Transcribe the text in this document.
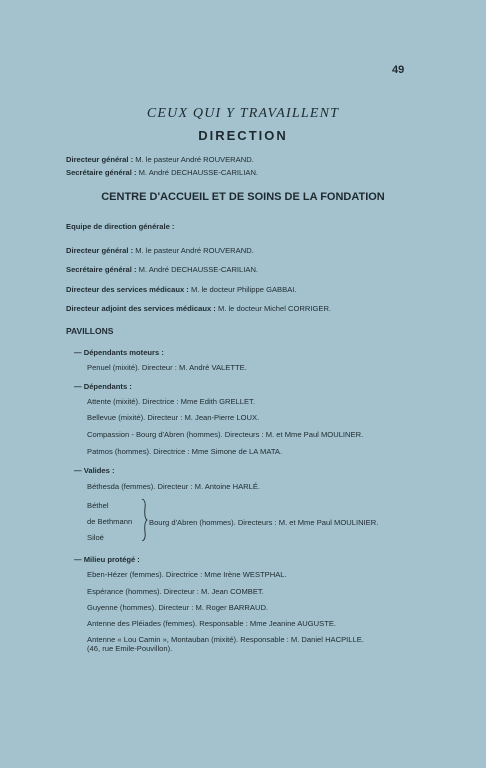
49
CEUX QUI Y TRAVAILLENT
DIRECTION
Directeur général : M. le pasteur André ROUVERAND.
Secrétaire général : M. André DECHAUSSE-CARILIAN.
CENTRE D'ACCUEIL ET DE SOINS DE LA FONDATION
Equipe de direction générale :
Directeur général : M. le pasteur André ROUVERAND.
Secrétaire général : M. André DECHAUSSE-CARILIAN.
Directeur des services médicaux : M. le docteur Philippe GABBAI.
Directeur adjoint des services médicaux : M. le docteur Michel CORRIGER.
PAVILLONS
— Dépendants moteurs :
Penuel (mixité). Directeur : M. André VALETTE.
— Dépendants :
Attente (mixité). Directrice : Mme Edith GRELLET.
Bellevue (mixité). Directeur : M. Jean-Pierre LOUX.
Compassion - Bourg d'Abren (hommes). Directeurs : M. et Mme Paul MOULINER.
Patmos (hommes). Directrice : Mme Simone de LA MATA.
— Valides :
Béthesda (femmes). Directeur : M. Antoine HARLÉ.
Béthel
de Bethmann
Siloé
Bourg d'Abren (hommes). Directeurs : M. et Mme Paul MOULINIER.
— Milieu protégé :
Eben-Hézer (femmes). Directrice : Mme Irène WESTPHAL.
Espérance (hommes). Directeur : M. Jean COMBET.
Guyenne (hommes). Directeur : M. Roger BARRAUD.
Antenne des Pléiades (femmes). Responsable : Mme Jeanine AUGUSTE.
Antenne « Lou Camin », Montauban (mixité). Responsable : M. Daniel HACPILLE.
(46, rue Emile-Pouvillon).
